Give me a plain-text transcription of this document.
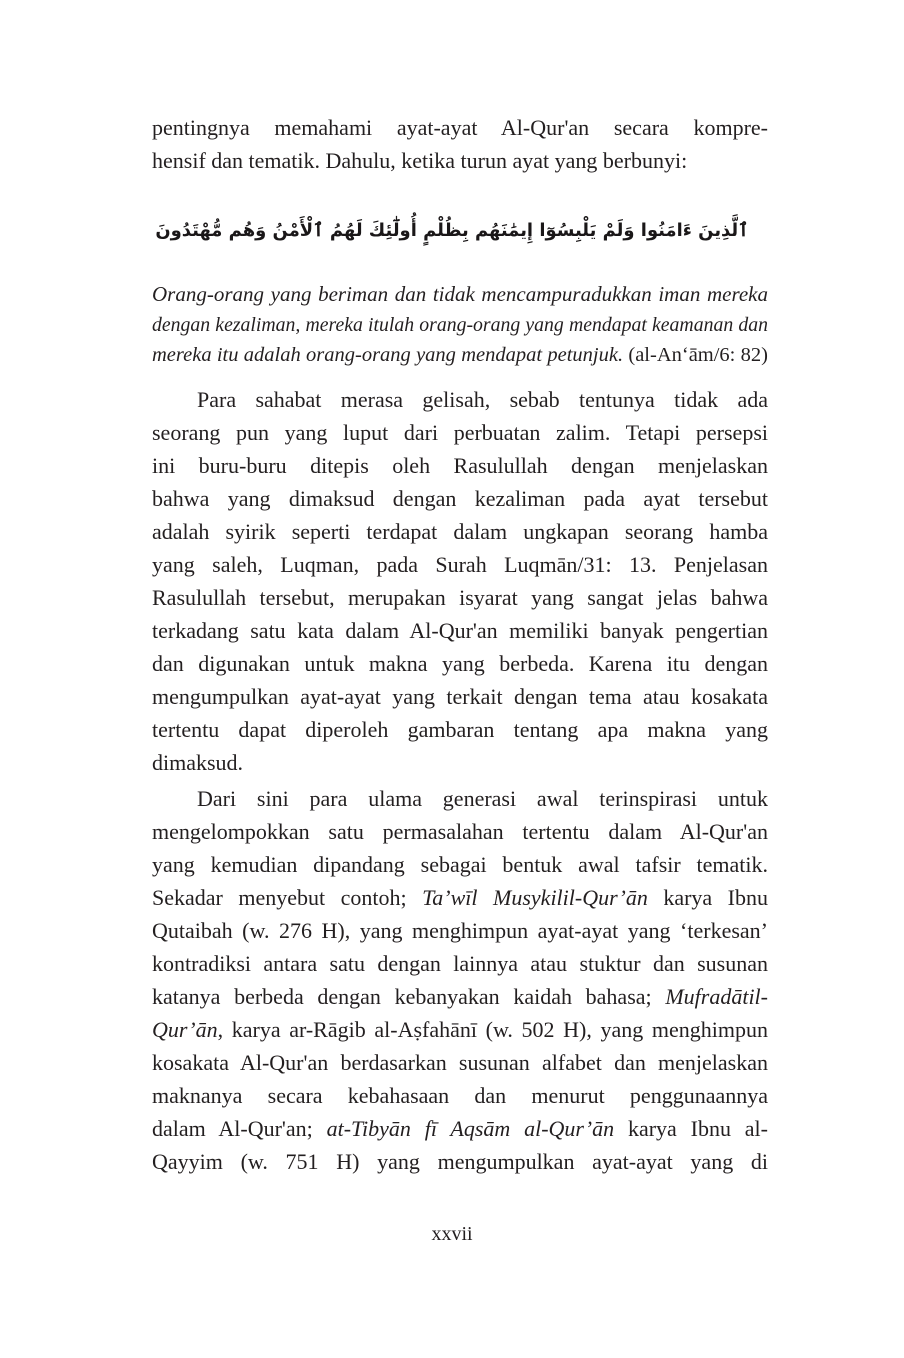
pentingnya memahami ayat-ayat Al-Qur'an secara kompre-
hensif dan tematik. Dahulu, ketika turun ayat yang berbunyi:
ٱلَّذِينَ ءَامَنُوا وَلَمْ يَلْبِسُوٓا إِيمَٰنَهُم بِظُلْمٍ أُولَٰٓئِكَ لَهُمُ ٱلْأَمْنُ وَهُم مُّهْتَدُونَ
Orang-orang yang beriman dan tidak mencampuradukkan iman mereka
dengan kezaliman, mereka itulah orang-orang yang mendapat keamanan dan
mereka itu adalah orang-orang yang mendapat petunjuk. (al-An‘ām/6: 82)
Para sahabat merasa gelisah, sebab tentunya tidak ada
seorang pun yang luput dari perbuatan zalim. Tetapi persepsi
ini buru-buru ditepis oleh Rasulullah dengan menjelaskan
bahwa yang dimaksud dengan kezaliman pada ayat tersebut
adalah syirik seperti terdapat dalam ungkapan seorang hamba
yang saleh, Luqman, pada Surah Luqmān/31: 13. Penjelasan
Rasulullah tersebut, merupakan isyarat yang sangat jelas bahwa
terkadang satu kata dalam Al-Qur'an memiliki banyak pengertian
dan digunakan untuk makna yang berbeda. Karena itu dengan
mengumpulkan ayat-ayat yang terkait dengan tema atau kosakata
tertentu dapat diperoleh gambaran tentang apa makna yang
dimaksud.
Dari sini para ulama generasi awal terinspirasi untuk
mengelompokkan satu permasalahan tertentu dalam Al-Qur'an
yang kemudian dipandang sebagai bentuk awal tafsir tematik.
Sekadar menyebut contoh; Ta’wīl Musykilil-Qur’ān karya Ibnu
Qutaibah (w. 276 H), yang menghimpun ayat-ayat yang ‘terkesan’
kontradiksi antara satu dengan lainnya atau stuktur dan susunan
katanya berbeda dengan kebanyakan kaidah bahasa; Mufradātil-
Qur’ān, karya ar-Rāgib al-Aṣfahānī (w. 502 H), yang menghimpun
kosakata Al-Qur'an berdasarkan susunan alfabet dan menjelaskan
maknanya secara kebahasaan dan menurut penggunaannya
dalam Al-Qur'an; at-Tibyān fī Aqsām al-Qur’ān karya Ibnu al-
Qayyim (w. 751 H) yang mengumpulkan ayat-ayat yang di
xxvii
